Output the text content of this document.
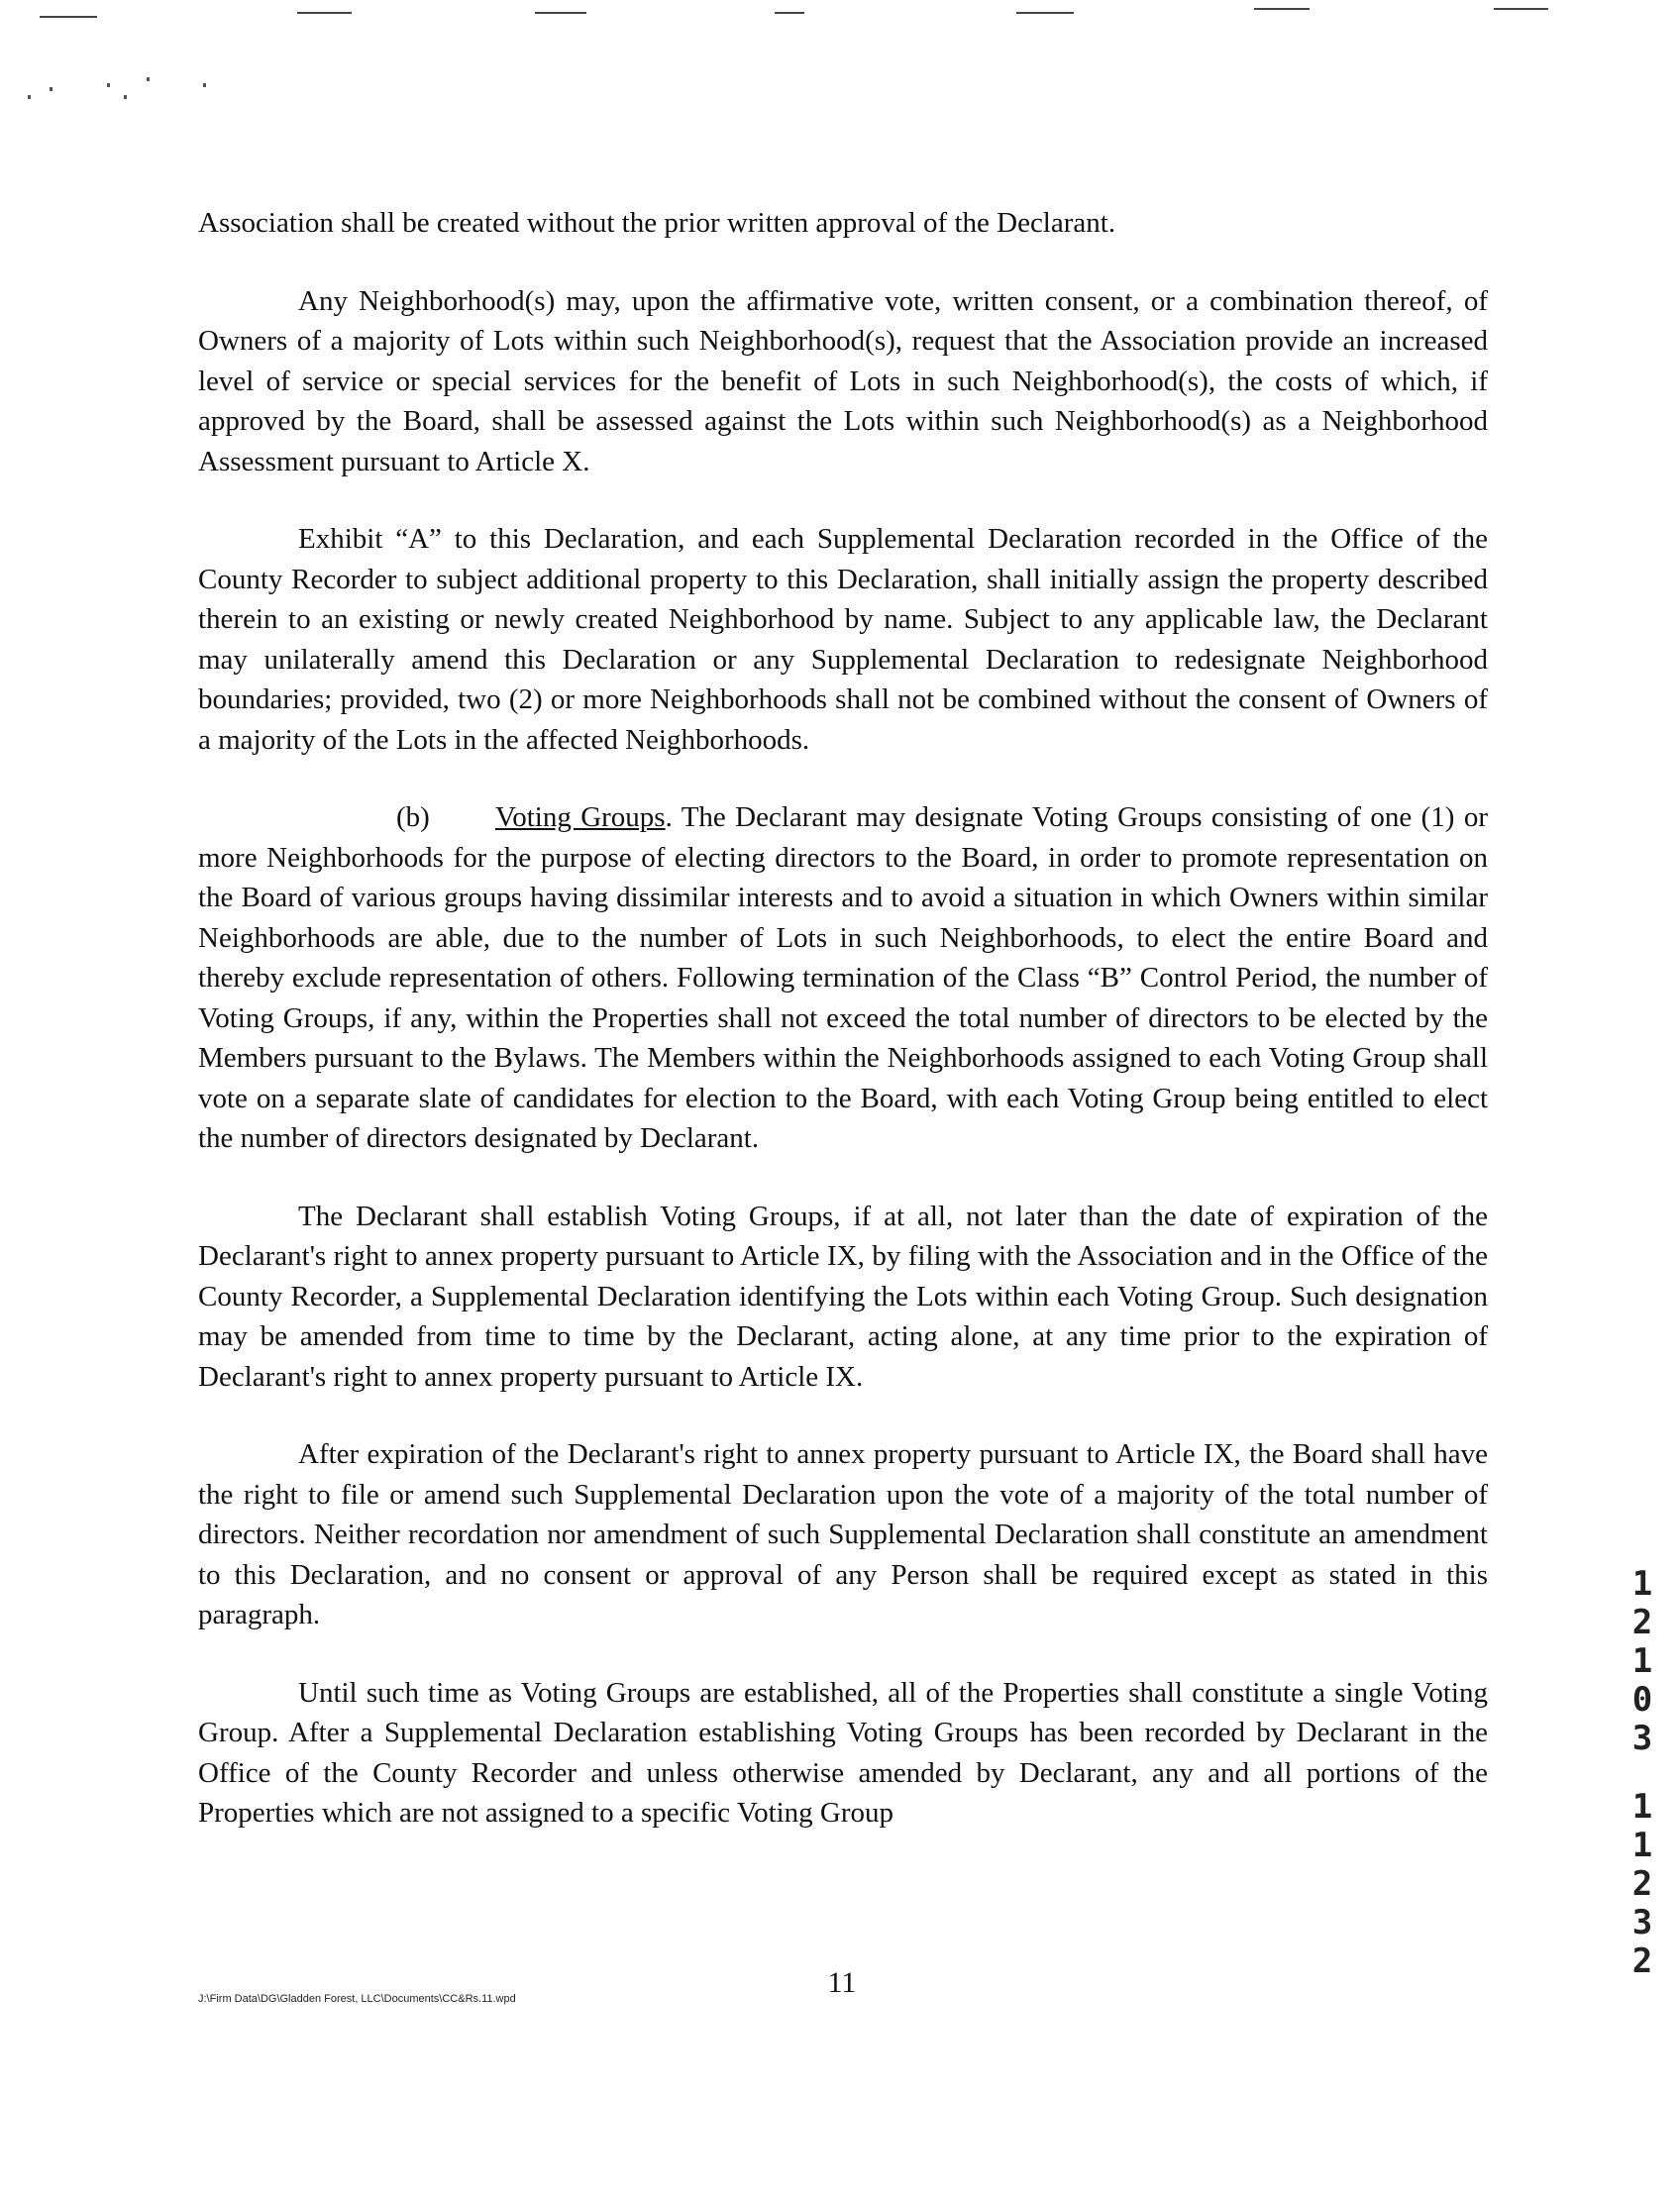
Association shall be created without the prior written approval of the Declarant.

Any Neighborhood(s) may, upon the affirmative vote, written consent, or a combination thereof, of Owners of a majority of Lots within such Neighborhood(s), request that the Association provide an increased level of service or special services for the benefit of Lots in such Neighborhood(s), the costs of which, if approved by the Board, shall be assessed against the Lots within such Neighborhood(s) as a Neighborhood Assessment pursuant to Article X.

Exhibit “A” to this Declaration, and each Supplemental Declaration recorded in the Office of the County Recorder to subject additional property to this Declaration, shall initially assign the property described therein to an existing or newly created Neighborhood by name. Subject to any applicable law, the Declarant may unilaterally amend this Declaration or any Supplemental Declaration to redesignate Neighborhood boundaries; provided, two (2) or more Neighborhoods shall not be combined without the consent of Owners of a majority of the Lots in the affected Neighborhoods.

(b) Voting Groups. The Declarant may designate Voting Groups consisting of one (1) or more Neighborhoods for the purpose of electing directors to the Board, in order to promote representation on the Board of various groups having dissimilar interests and to avoid a situation in which Owners within similar Neighborhoods are able, due to the number of Lots in such Neighborhoods, to elect the entire Board and thereby exclude representation of others. Following termination of the Class “B” Control Period, the number of Voting Groups, if any, within the Properties shall not exceed the total number of directors to be elected by the Members pursuant to the Bylaws. The Members within the Neighborhoods assigned to each Voting Group shall vote on a separate slate of candidates for election to the Board, with each Voting Group being entitled to elect the number of directors designated by Declarant.

The Declarant shall establish Voting Groups, if at all, not later than the date of expiration of the Declarant's right to annex property pursuant to Article IX, by filing with the Association and in the Office of the County Recorder, a Supplemental Declaration identifying the Lots within each Voting Group. Such designation may be amended from time to time by the Declarant, acting alone, at any time prior to the expiration of Declarant's right to annex property pursuant to Article IX.

After expiration of the Declarant's right to annex property pursuant to Article IX, the Board shall have the right to file or amend such Supplemental Declaration upon the vote of a majority of the total number of directors. Neither recordation nor amendment of such Supplemental Declaration shall constitute an amendment to this Declaration, and no consent or approval of any Person shall be required except as stated in this paragraph.

Until such time as Voting Groups are established, all of the Properties shall constitute a single Voting Group. After a Supplemental Declaration establishing Voting Groups has been recorded by Declarant in the Office of the County Recorder and unless otherwise amended by Declarant, any and all portions of the Properties which are not assigned to a specific Voting Group

11
J:\Firm Data\DG\Gladden Forest, LLC\Documents\CC&Rs.11.wpd
1
2
1
0
3
1
1
2
3
2
